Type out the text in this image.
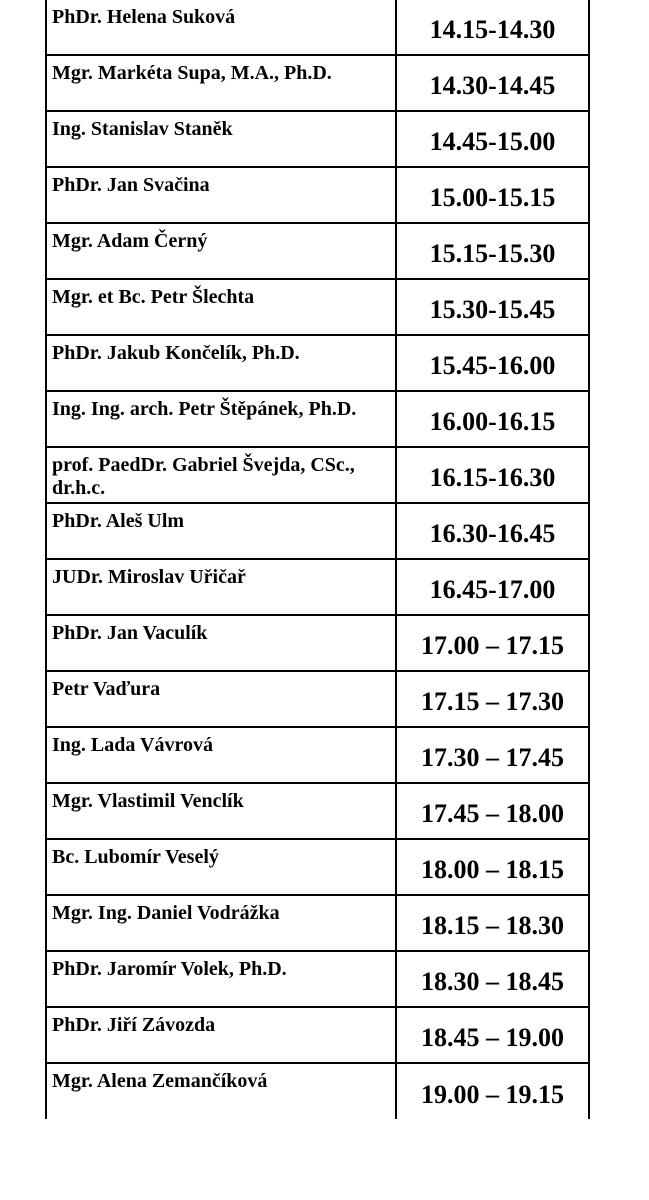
PhDr. Helena Suková	14.15-14.30
Mgr. Markéta Supa, M.A., Ph.D.	14.30-14.45
Ing. Stanislav Staněk	14.45-15.00
PhDr. Jan Svačina	15.00-15.15
Mgr. Adam Černý	15.15-15.30
Mgr. et Bc. Petr Šlechta	15.30-15.45
PhDr. Jakub Končelík, Ph.D.	15.45-16.00
Ing. Ing. arch. Petr Štěpánek, Ph.D.	16.00-16.15
prof. PaedDr. Gabriel Švejda, CSc., dr.h.c.	16.15-16.30
PhDr. Aleš Ulm	16.30-16.45
JUDr. Miroslav Uřičař	16.45-17.00
PhDr. Jan Vaculík	17.00 – 17.15
Petr Vaďura	17.15 – 17.30
Ing. Lada Vávrová	17.30 – 17.45
Mgr. Vlastimil Venclík	17.45 – 18.00
Bc. Lubomír Veselý	18.00 – 18.15
Mgr. Ing. Daniel Vodrážka	18.15 – 18.30
PhDr. Jaromír Volek, Ph.D.	18.30 – 18.45
PhDr. Jiří Závozda	18.45 – 19.00
Mgr. Alena Zemančíková	19.00 – 19.15
